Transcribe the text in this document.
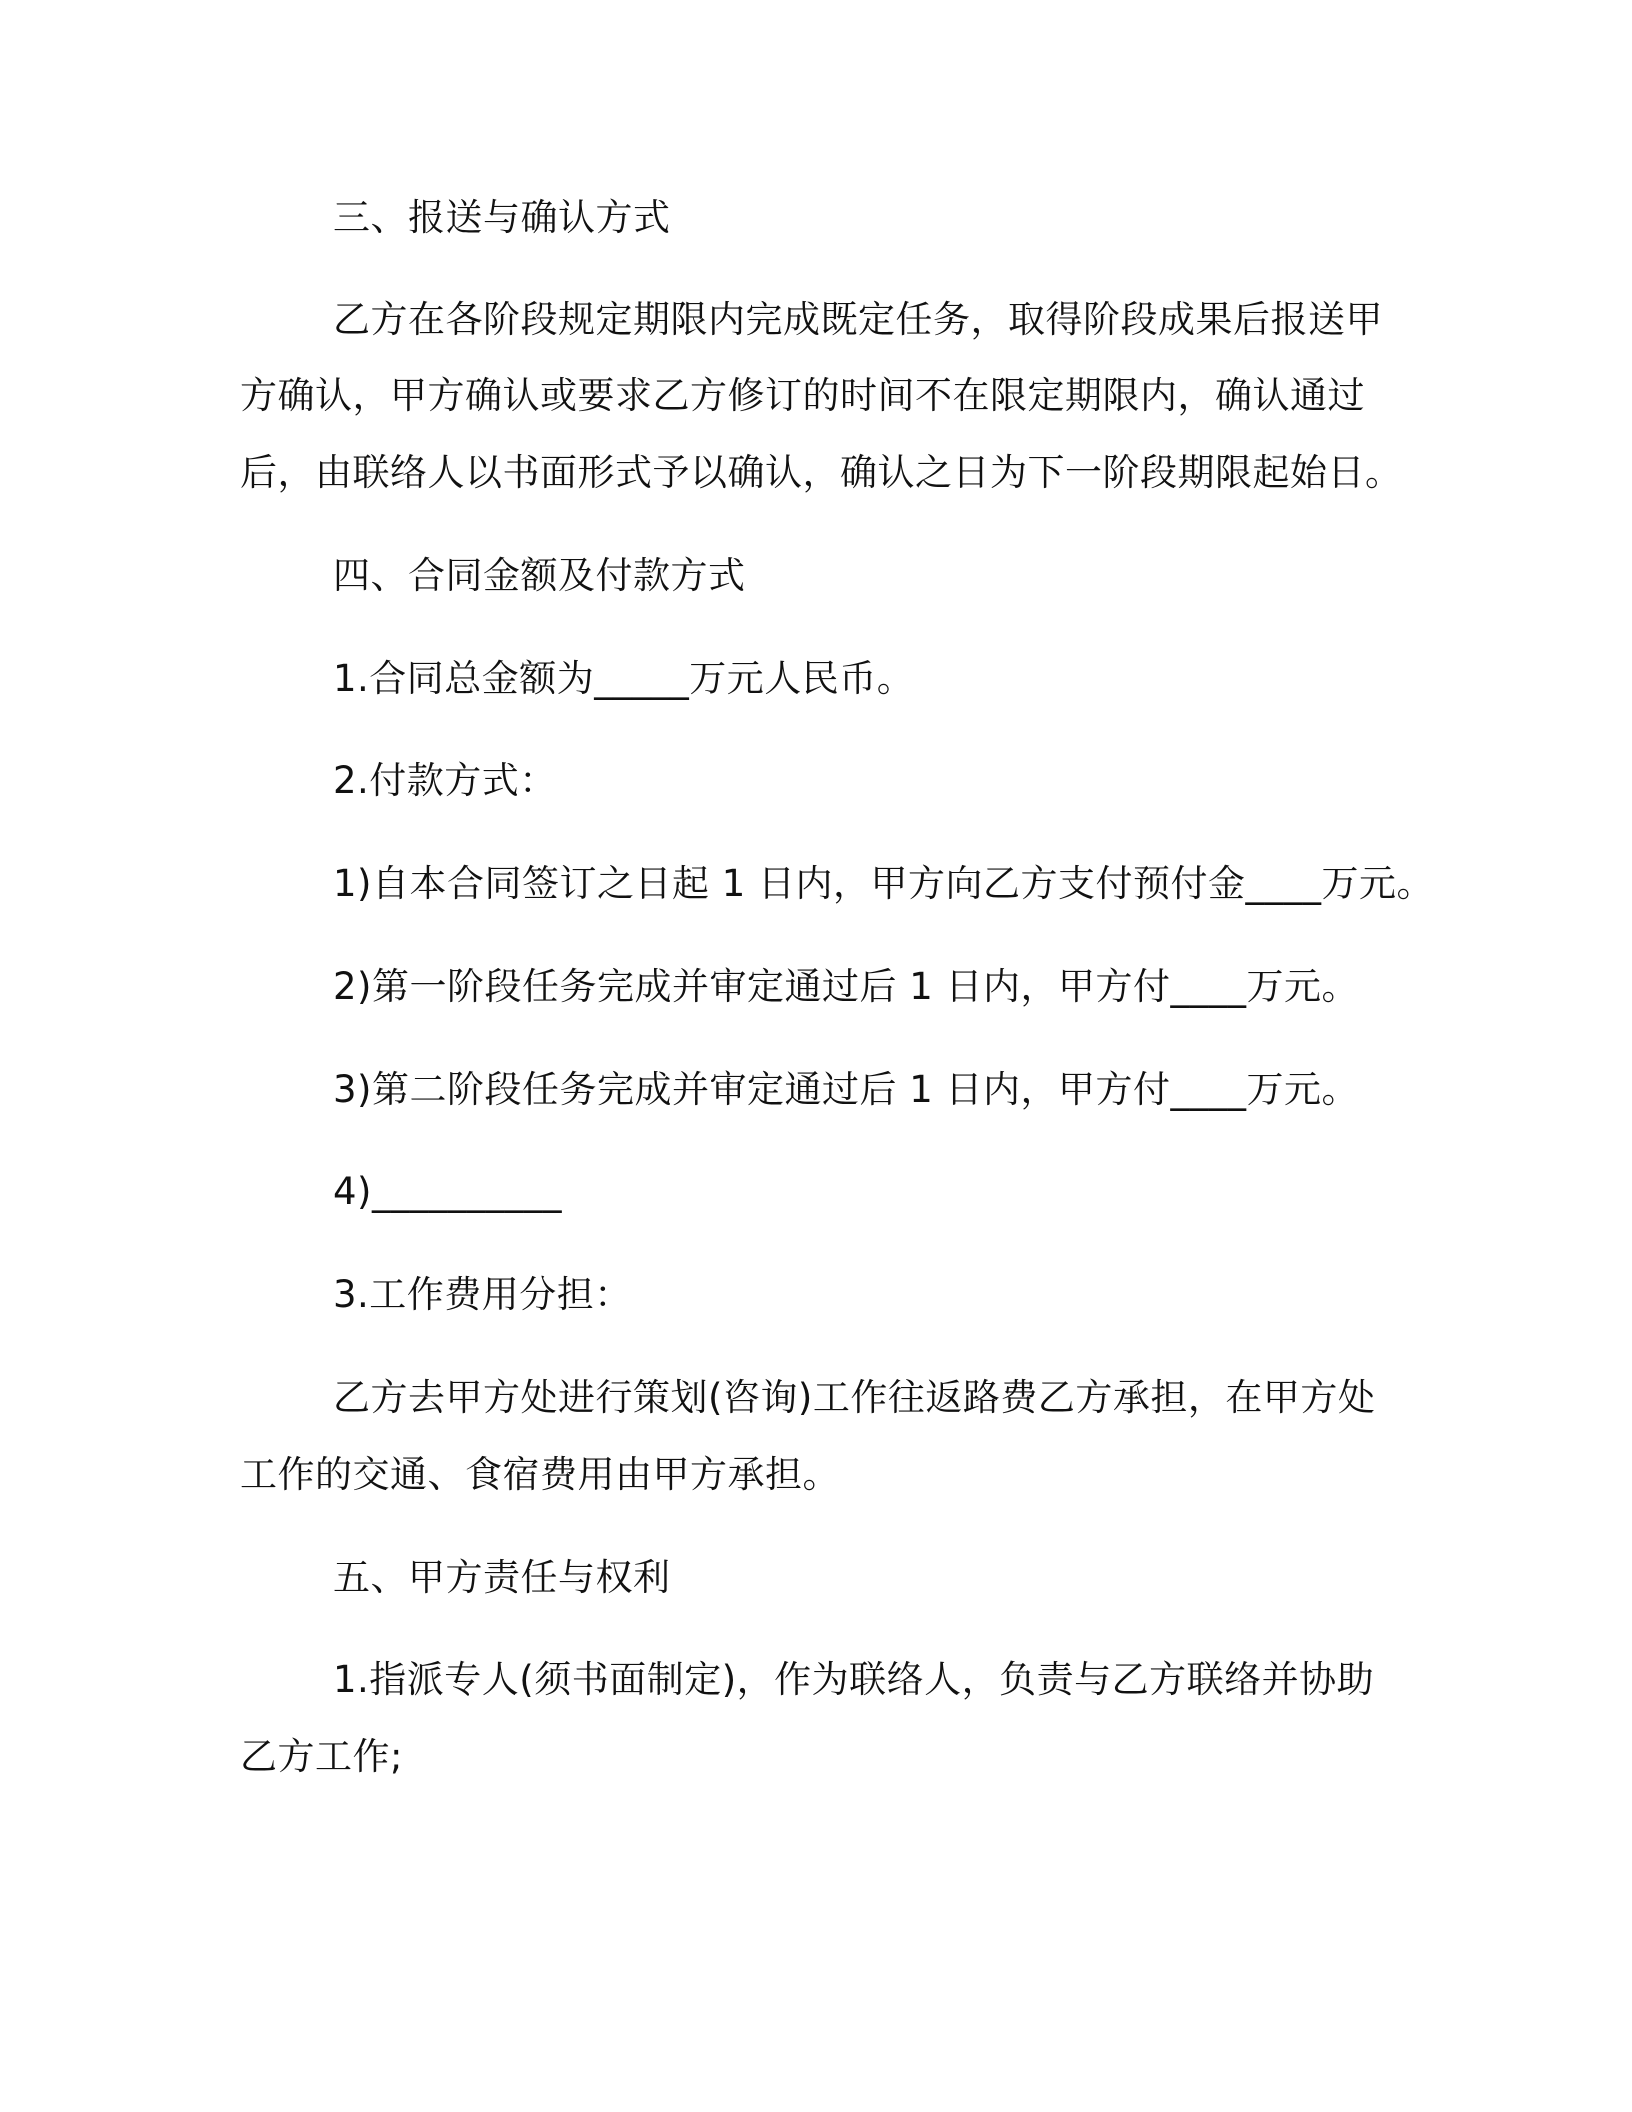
三、报送与确认方式
乙方在各阶段规定期限内完成既定任务，取得阶段成果后报送甲
方确认，甲方确认或要求乙方修订的时间不在限定期限内，确认通过
后，由联络人以书面形式予以确认，确认之日为下一阶段期限起始日。
四、合同金额及付款方式
1.合同总金额为_____万元人民币。
2.付款方式：
1)自本合同签订之日起 1 日内，甲方向乙方支付预付金____万元。
2)第一阶段任务完成并审定通过后 1 日内，甲方付____万元。
3)第二阶段任务完成并审定通过后 1 日内，甲方付____万元。
4)__________
3.工作费用分担：
乙方去甲方处进行策划(咨询)工作往返路费乙方承担，在甲方处
工作的交通、食宿费用由甲方承担。
五、甲方责任与权利
1.指派专人(须书面制定)，作为联络人，负责与乙方联络并协助
乙方工作;
